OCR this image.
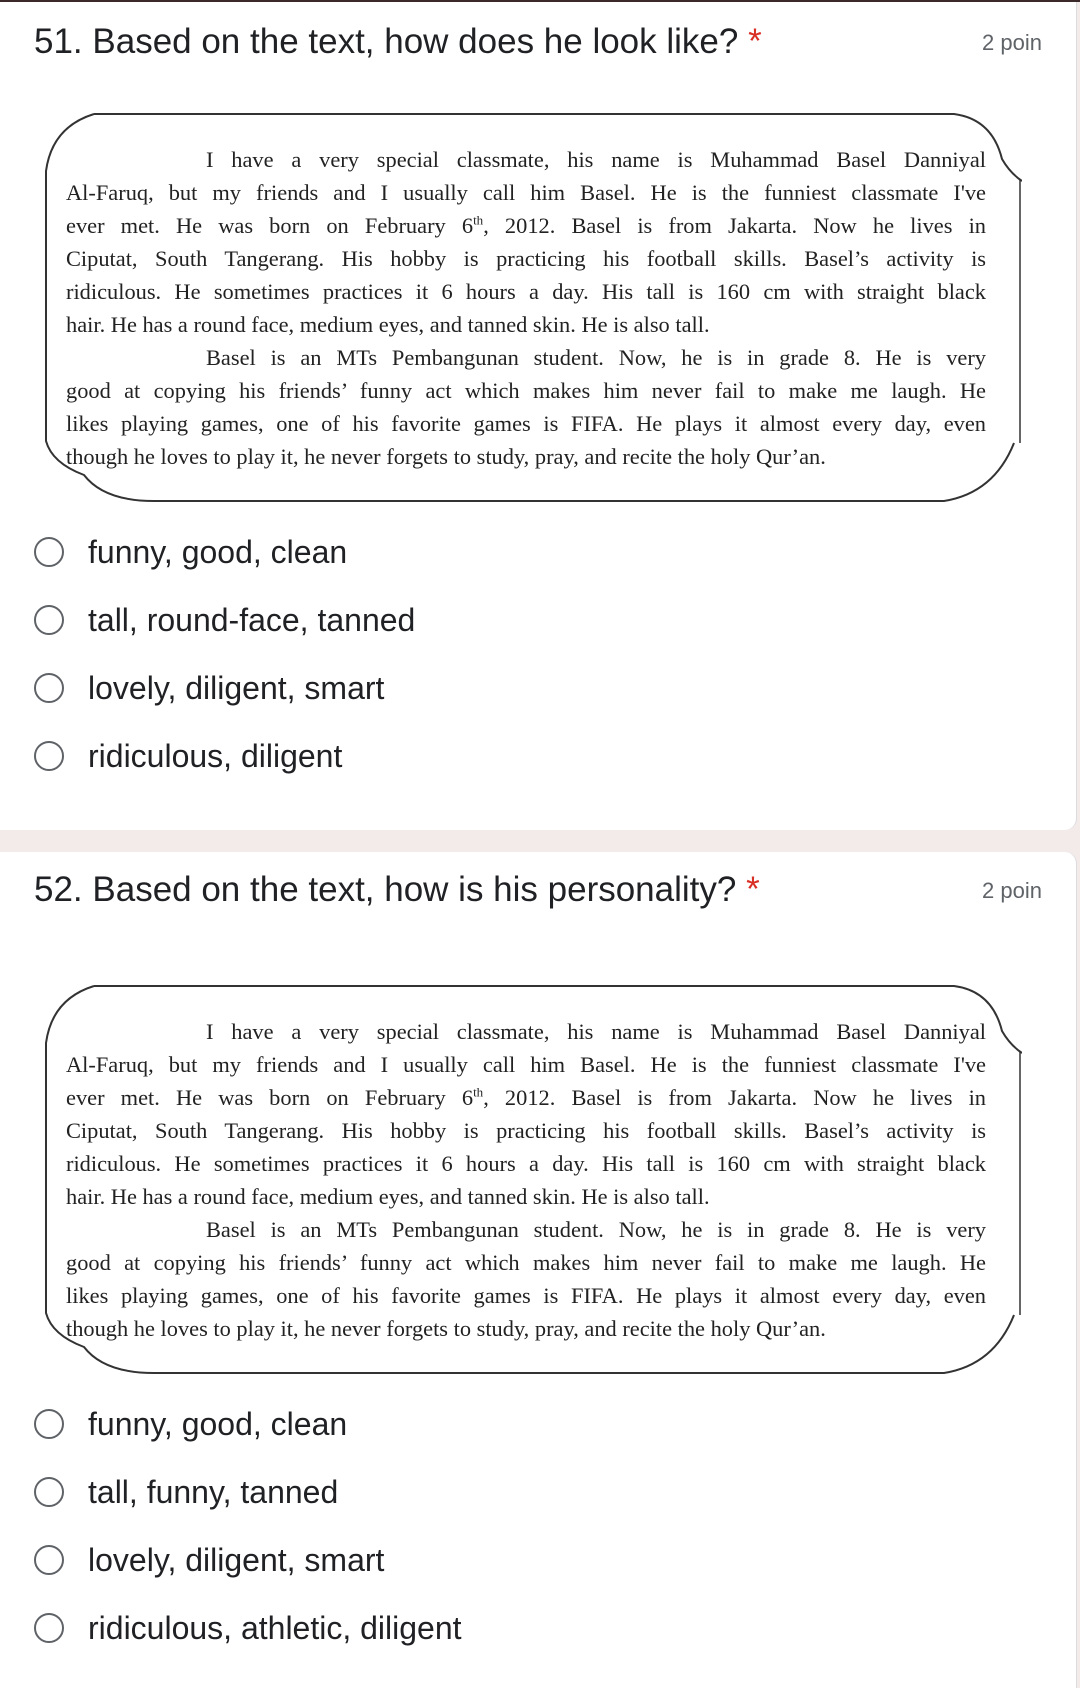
51. Based on the text, how does he look like? *	2 poin

I have a very special classmate, his name is Muhammad Basel Danniyal

Al-Faruq, but my friends and I usually call him Basel. He is the funniest classmate I've

ever met. He was born on February 6th, 2012. Basel is from Jakarta. Now he lives in

Ciputat, South Tangerang. His hobby is practicing his football skills. Basel’s activity is

ridiculous. He sometimes practices it 6 hours a day. His tall is 160 cm with straight black

hair. He has a round face, medium eyes, and tanned skin. He is also tall.

Basel is an MTs Pembangunan student. Now, he is in grade 8. He is very

good at copying his friends’ funny act which makes him never fail to make me laugh. He

likes playing games, one of his favorite games is FIFA. He plays it almost every day, even

though he loves to play it, he never forgets to study, pray, and recite the holy Qur’an.

funny, good, clean
tall, round-face, tanned
lovely, diligent, smart
ridiculous, diligent
52. Based on the text, how is his personality? *	2 poin

I have a very special classmate, his name is Muhammad Basel Danniyal

Al-Faruq, but my friends and I usually call him Basel. He is the funniest classmate I've

ever met. He was born on February 6th, 2012. Basel is from Jakarta. Now he lives in

Ciputat, South Tangerang. His hobby is practicing his football skills. Basel’s activity is

ridiculous. He sometimes practices it 6 hours a day. His tall is 160 cm with straight black

hair. He has a round face, medium eyes, and tanned skin. He is also tall.

Basel is an MTs Pembangunan student. Now, he is in grade 8. He is very

good at copying his friends’ funny act which makes him never fail to make me laugh. He

likes playing games, one of his favorite games is FIFA. He plays it almost every day, even

though he loves to play it, he never forgets to study, pray, and recite the holy Qur’an.

funny, good, clean
tall, funny, tanned
lovely, diligent, smart
ridiculous, athletic, diligent
